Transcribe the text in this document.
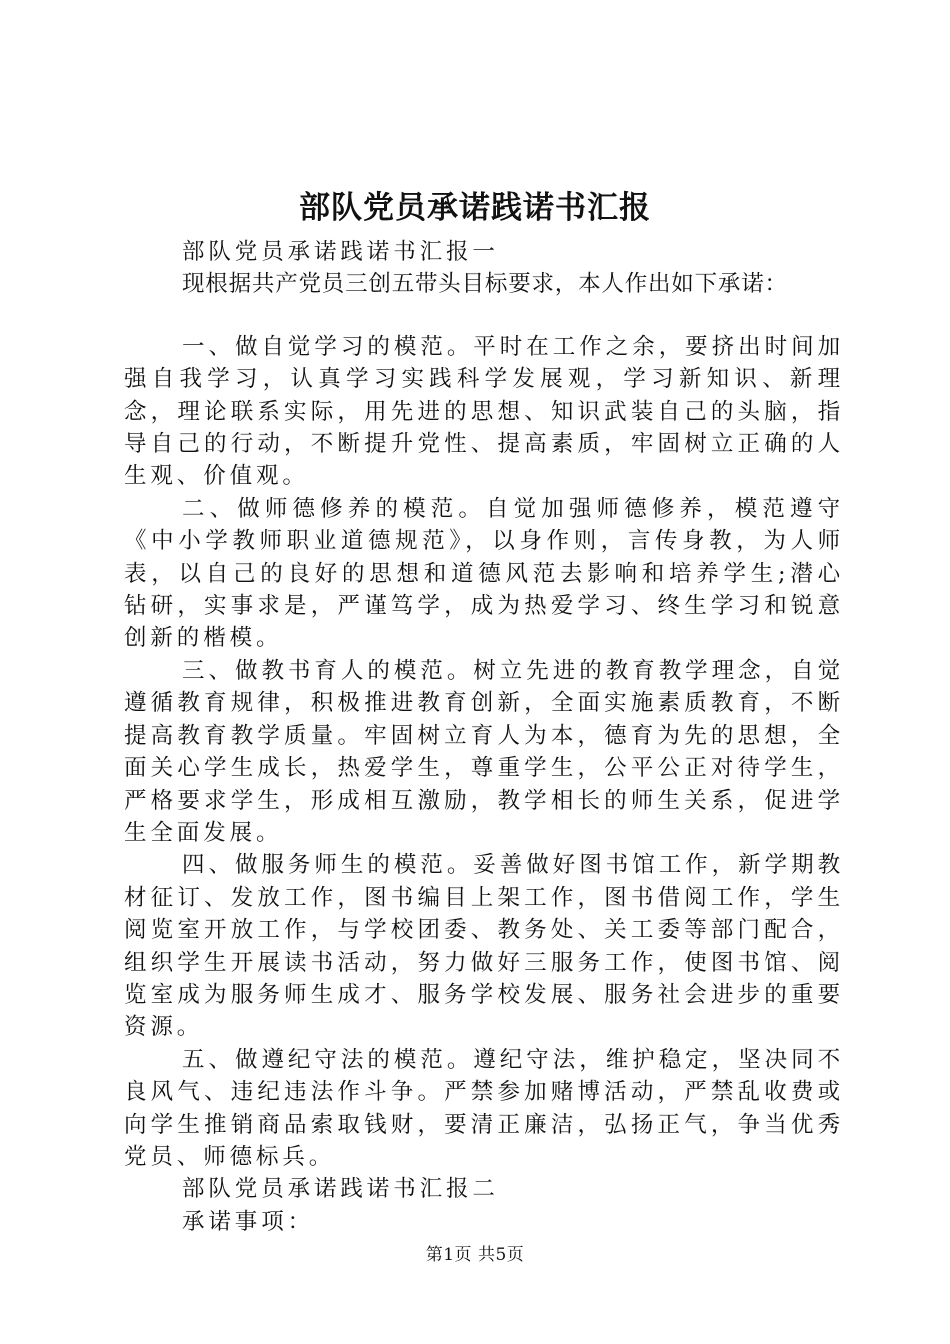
部队党员承诺践诺书汇报

部队党员承诺践诺书汇报一

现根据共产党员三创五带头目标要求，本人作出如下承诺：

一、做自觉学习的模范。平时在工作之余，要挤出时间加强自我学习，认真学习实践科学发展观，学习新知识、新理念，理论联系实际，用先进的思想、知识武装自己的头脑，指导自己的行动，不断提升党性、提高素质，牢固树立正确的人生观、价值观。

二、做师德修养的模范。自觉加强师德修养，模范遵守《中小学教师职业道德规范》，以身作则，言传身教，为人师表，以自己的良好的思想和道德风范去影响和培养学生;潜心钻研，实事求是，严谨笃学，成为热爱学习、终生学习和锐意创新的楷模。

三、做教书育人的模范。树立先进的教育教学理念，自觉遵循教育规律，积极推进教育创新，全面实施素质教育，不断提高教育教学质量。牢固树立育人为本，德育为先的思想，全面关心学生成长，热爱学生，尊重学生，公平公正对待学生，严格要求学生，形成相互激励，教学相长的师生关系，促进学生全面发展。

四、做服务师生的模范。妥善做好图书馆工作，新学期教材征订、发放工作，图书编目上架工作，图书借阅工作，学生阅览室开放工作，与学校团委、教务处、关工委等部门配合，组织学生开展读书活动，努力做好三服务工作，使图书馆、阅览室成为服务师生成才、服务学校发展、服务社会进步的重要资源。

五、做遵纪守法的模范。遵纪守法，维护稳定，坚决同不良风气、违纪违法作斗争。严禁参加赌博活动，严禁乱收费或向学生推销商品索取钱财，要清正廉洁，弘扬正气，争当优秀党员、师德标兵。

部队党员承诺践诺书汇报二

承诺事项：

第1页 共5页
